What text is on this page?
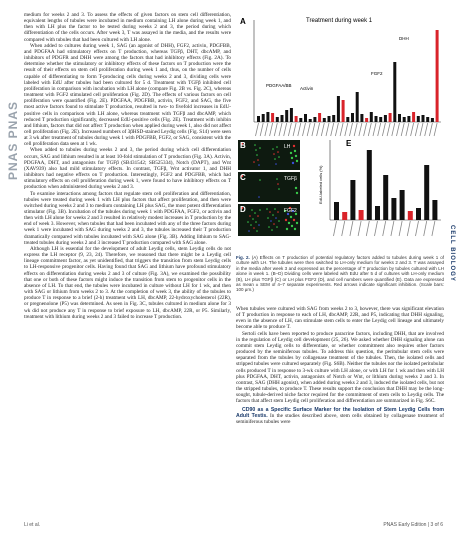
PNAS PNAS
CELL BIOLOGY

medium for weeks 2 and 3. To assess the effects of given factors on stem cell differentiation, equivalent lengths of tubules were incubated in medium containing LH alone during week 1, and then with LH plus the factor to be tested during weeks 2 and 3, the period during which differentiation of the cells occurs. After week 3, T was assayed in the media, and the results were compared with tubules that had been cultured with LH alone.

When added to cultures during week 1, SAG (an agonist of DHH), FGF2, activin, PDGFBB, and PDGFAA had stimulatory effects on T production, whereas TGFβ, DHT, dbcAMP, and inhibitors of PDGFR and DHH were among the factors that had inhibitory effects (Fig. 2A). To determine whether the stimulatory or inhibitory effects of these factors on T production were the result of their effects on stem cell proliferation during week 1 and, thus, on the number of cells capable of differentiating to form T-producing cells during weeks 2 and 3, dividing cells were labeled with EdU after tubules had been cultured for 5 d. Treatment with TGFβ inhibited cell proliferation in comparison with incubation with LH alone (compare Fig. 2B vs. Fig. 2C), whereas treatment with FGF2 stimulated cell proliferation (Fig. 2D). The effects of various factors on cell proliferation were quantified (Fig. 2E). PDGFAA, PDGFBB, activin, FGF2, and SAG, the five most active factors found to stimulate T production, resulted in two- to fivefold increases in EdU-positive cells in comparison with LH alone, whereas treatment with TGFβ and dbcAMP, which reduced T production significantly, decreased EdU-positive cells (Fig. 2E). Treatment with inhibin and lithium, factors that did not affect T production when applied during week 1, also did not affect cell proliferation (Fig. 2E). Increased numbers of 3βHSD-stained Leydig cells (Fig. S14) were seen at 3 wk after treatment of tubules during week 1 with PDGFBB, FGF2, or SAG, consistent with the cell proliferation data seen at 1 wk.

When added to tubules during weeks 2 and 3, the period during which cell differentiation occurs, SAG and lithium resulted in at least 10-fold stimulation of T production (Fig. 3A). Activin, PDGFAA, DHT, and antagonists for TGFβ (SB431542; SB525334), Notch (DAPT), and Wnt (XAV939) also had mild stimulatory effects. In contrast, TGFβ, Wnt activator 1, and DHH inhibitors had negative effects on T production. Interestingly, FGF2 and PDGFBB, which had stimulatory effects on cell proliferation during week 1, were found to have inhibitory effects on T production when administered during weeks 2 and 3.

To examine interactions among factors that regulate stem cell proliferation and differentiation, tubules were treated during week 1 with LH plus factors that affect proliferation, and then were switched during weeks 2 and 3 to medium containing LH plus SAG, the most potent differentiation stimulator (Fig. 3B). Incubation of the tubules during week 1 with PDGFAA, FGF2, or activin and then with LH alone for weeks 2 and 3 resulted in relatively modest increases in T production by the end of week 3. However, when tubules that had been incubated with any of the three factors during week 1 were incubated with SAG during weeks 2 and 3, the tubules increased their T production dramatically compared with tubules incubated with SAG alone (Fig. 3B). Adding lithium to SAG-treated tubules during weeks 2 and 3 increased T production compared with SAG alone.

Although LH is essential for the development of adult Leydig cells, stem Leydig cells do not express the LH receptor (9, 23, 24). Therefore, we reasoned that there might be a Leydig cell lineage commitment factor, as yet unidentified, that triggers the transition from stem Leydig cells to LH-responsive progenitor cells. Having found that SAG and lithium have profound stimulatory effects on differentiation during weeks 2 and 3 of culture (Fig. 3A), we examined the possibility that one or both of these factors might induce the transition from stem to progenitor cells in the absence of LH. To that end, the tubules were incubated in culture without LH for 1 wk, and then with SAG or lithium from weeks 2 to 3. At the completion of week 3, the ability of the tubules to produce T in response to a brief (2-h) treatment with LH, dbcAMP, 22-hydroxycholesterol (22R), or pregnenolone (P5) was determined. As seen in Fig. 3C, tubules cultured in medium alone for 3 wk did not produce any T in response to brief exposure to LH, dbcAMP, 22R, or P5. Similarly, treatment with lithium during weeks 2 and 3 failed to increase T production.

A	Treatment during week 1
DHH
FGF2
PDGFAA/BB
Activin
B
C
D
LH
TGFβ
FGF2
E
EdU-labeled cells (%)
Fig. 2. (A) Effects on T production of potential regulatory factors added to tubules during week 1 of culture with LH. The tubules were then switched to LH-only medium for weeks 2 and 3. T was assayed in the media after week 3 and expressed as the percentage of T production by tubules cultured with LH alone in week 1. (B–D) Dividing cells were labeled with EdU after 5 d of cultures with LH-only medium (B), LH plus TGFβ (C) or LH plus FGF2 (D), and cell numbers were quantified (E). Data are expressed as mean ± SEM of 4–7 separate experiments. Red arrows indicate significant inhibition. (Scale bars: 100 μm.)

When tubules were cultured with SAG from weeks 2 to 3, however, there was significant elevation of T production in response to each of LH, dbcAMP, 22R, and P5, indicating that DHH signaling, even in the absence of LH, can stimulate stem cells to enter the Leydig cell lineage and ultimately become able to produce T.

Sertoli cells have been reported to produce paracrine factors, including DHH, that are involved in the regulation of Leydig cell development (25, 26). We asked whether DHH signaling alone can commit stem Leydig cells to differentiate, or whether commitment also requires other factors produced by the seminiferous tubules. To address this question, the peritubular stem cells were separated from the tubules by collagenase treatment of the tubules. Then, the isolated cells and stripped tubules were cultured separately (Fig. S6B). Neither the tubules nor the isolated peritubular cells produced T in response to 3-wk culture with LH alone, or with LH for 1 wk and then with LH plus PDGFAA, DHT, activin, antagonists of Notch or Wnt, or lithium during weeks 2 and 3. In contrast, SAG (DHH agonist), when added during weeks 2 and 3, induced the isolated cells, but not the stripped tubules, to produce T. These results support the conclusion that DHH may be the long-sought, tubule-derived niche factor required for the commitment of stem cells to Leydig cells. The factors that affect stem Leydig cell proliferation and differentiation are summarized in Fig. S6C.

CD90 as a Specific Surface Marker for the Isolation of Stem Leydig Cells from Adult Testis. In the studies described above, stem cells obtained by collagenase treatment of seminiferous tubules were

Li et al.	PNAS Early Edition | 3 of 6
